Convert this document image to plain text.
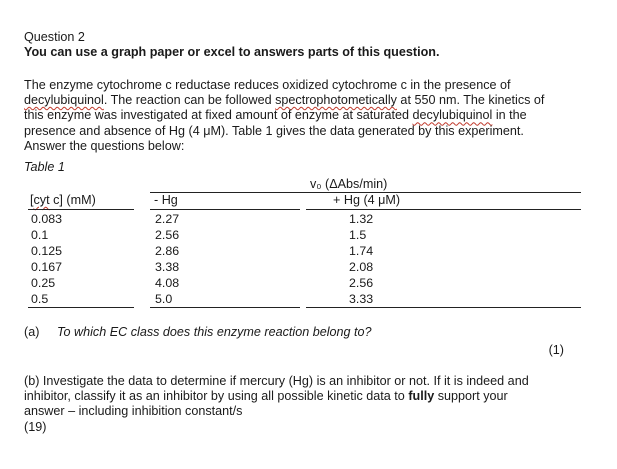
Question 2
You can use a graph paper or excel to answers parts of this question.
The enzyme cytochrome c reductase reduces oxidized cytochrome c in the presence of
decylubiquinol. The reaction can be followed spectrophotometically at 550 nm. The kinetics of
this enzyme was investigated at fixed amount of enzyme at saturated decylubiquinol in the
presence and absence of Hg (4 μM). Table 1 gives the data generated by this experiment.
Answer the questions below:
Table 1
v₀ (ΔAbs/min)
[cyt c] (mM)	- Hg	+ Hg (4 μM)
0.083	2.27	1.32
0.1	2.56	1.5
0.125	2.86	1.74
0.167	3.38	2.08
0.25	4.08	2.56
0.5	5.0	3.33
(a) To which EC class does this enzyme reaction belong to?
(1)
(b) Investigate the data to determine if mercury (Hg) is an inhibitor or not. If it is indeed and
inhibitor, classify it as an inhibitor by using all possible kinetic data to fully support your
answer – including inhibition constant/s
(19)
